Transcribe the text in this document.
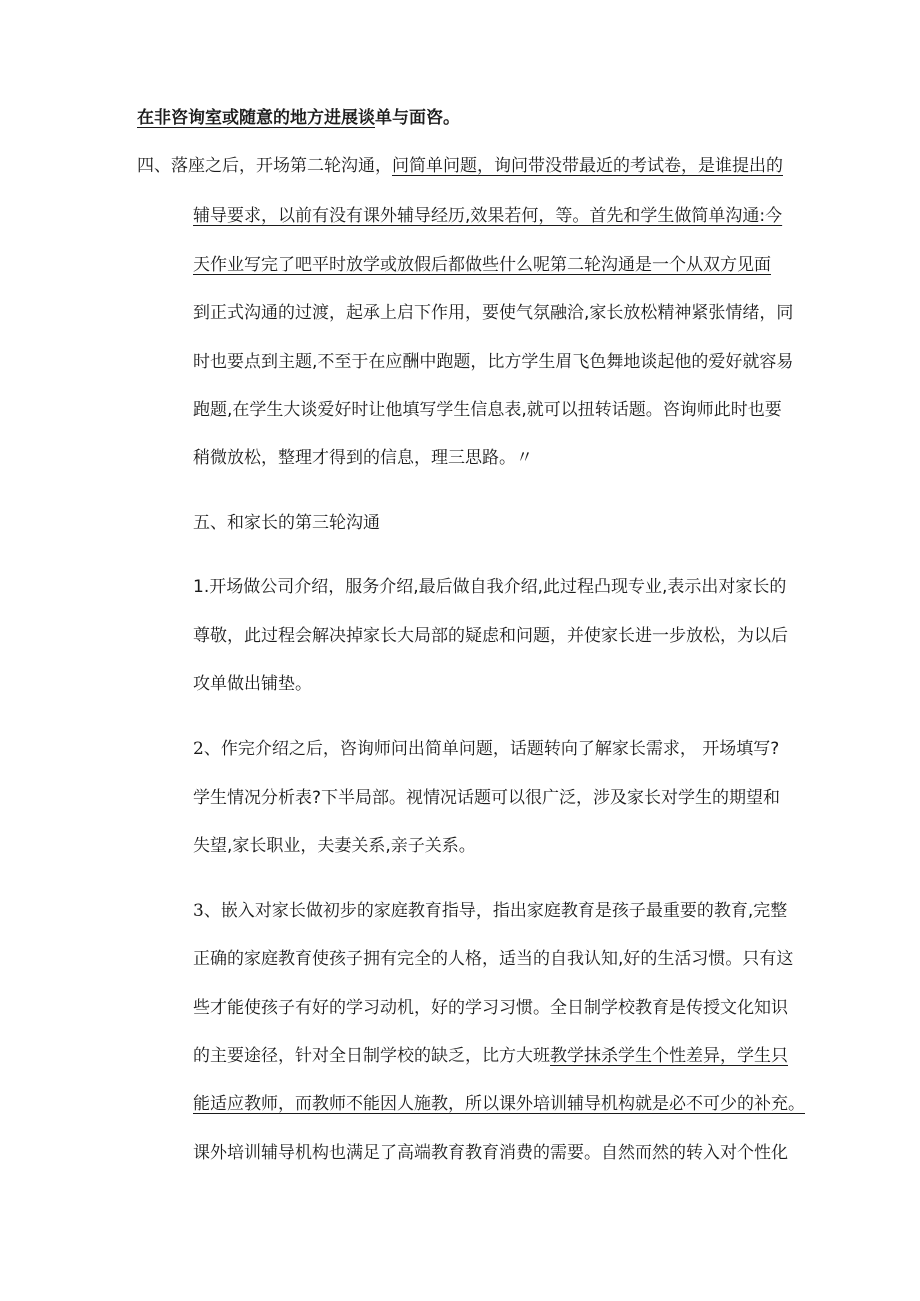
在非咨询室或随意的地方进展谈单与面咨。
四、落座之后，开场第二轮沟通，问简单问题，询问带没带最近的考试卷，是谁提出的
辅导要求，以前有没有课外辅导经历,效果若何，等。首先和学生做简单沟通:今
天作业写完了吧平时放学或放假后都做些什么呢第二轮沟通是一个从双方见面
到正式沟通的过渡，起承上启下作用，要使气氛融洽,家长放松精神紧张情绪，同
时也要点到主题,不至于在应酬中跑题，比方学生眉飞色舞地谈起他的爱好就容易
跑题,在学生大谈爱好时让他填写学生信息表,就可以扭转话题。咨询师此时也要
稍微放松，整理才得到的信息，理三思路。〃
五、和家长的第三轮沟通
1.开场做公司介绍，服务介绍,最后做自我介绍,此过程凸现专业,表示出对家长的
尊敬，此过程会解决掉家长大局部的疑虑和问题，并使家长进一步放松，为以后
攻单做出铺垫。
2、作完介绍之后，咨询师问出简单问题，话题转向了解家长需求， 开场填写?
学生情况分析表?下半局部。视情况话题可以很广泛，涉及家长对学生的期望和
失望,家长职业，夫妻关系,亲子关系。
3、嵌入对家长做初步的家庭教育指导，指出家庭教育是孩子最重要的教育,完整
正确的家庭教育使孩子拥有完全的人格，适当的自我认知,好的生活习惯。只有这
些才能使孩子有好的学习动机，好的学习习惯。全日制学校教育是传授文化知识
的主要途径，针对全日制学校的缺乏，比方大班教学抹杀学生个性差异，学生只
能适应教师，而教师不能因人施教，所以课外培训辅导机构就是必不可少的补充。
课外培训辅导机构也满足了高端教育教育消费的需要。自然而然的转入对个性化
